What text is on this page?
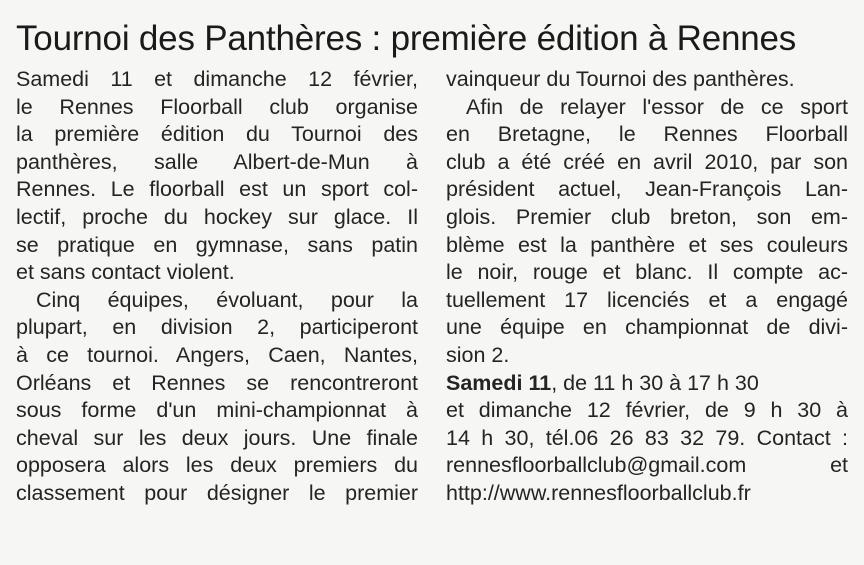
Tournoi des Panthères : première édition à Rennes
Samedi 11 et dimanche 12 février,
le Rennes Floorball club organise
la première édition du Tournoi des
panthères, salle Albert-de-Mun à
Rennes. Le floorball est un sport col-
lectif, proche du hockey sur glace. Il
se pratique en gymnase, sans patin
et sans contact violent.
Cinq équipes, évoluant, pour la
plupart, en division 2, participeront
à ce tournoi. Angers, Caen, Nantes,
Orléans et Rennes se rencontreront
sous forme d'un mini-championnat à
cheval sur les deux jours. Une finale
opposera alors les deux premiers du
classement pour désigner le premier
vainqueur du Tournoi des panthères.
Afin de relayer l'essor de ce sport
en Bretagne, le Rennes Floorball
club a été créé en avril 2010, par son
président actuel, Jean-François Lan-
glois. Premier club breton, son em-
blème est la panthère et ses couleurs
le noir, rouge et blanc. Il compte ac-
tuellement 17 licenciés et a engagé
une équipe en championnat de divi-
sion 2.
Samedi 11, de 11 h 30 à 17 h 30
et dimanche 12 février, de 9 h 30 à
14 h 30, tél.06 26 83 32 79. Contact :
rennesfloorballclub@gmail.com et
http://www.rennesfloorballclub.fr
